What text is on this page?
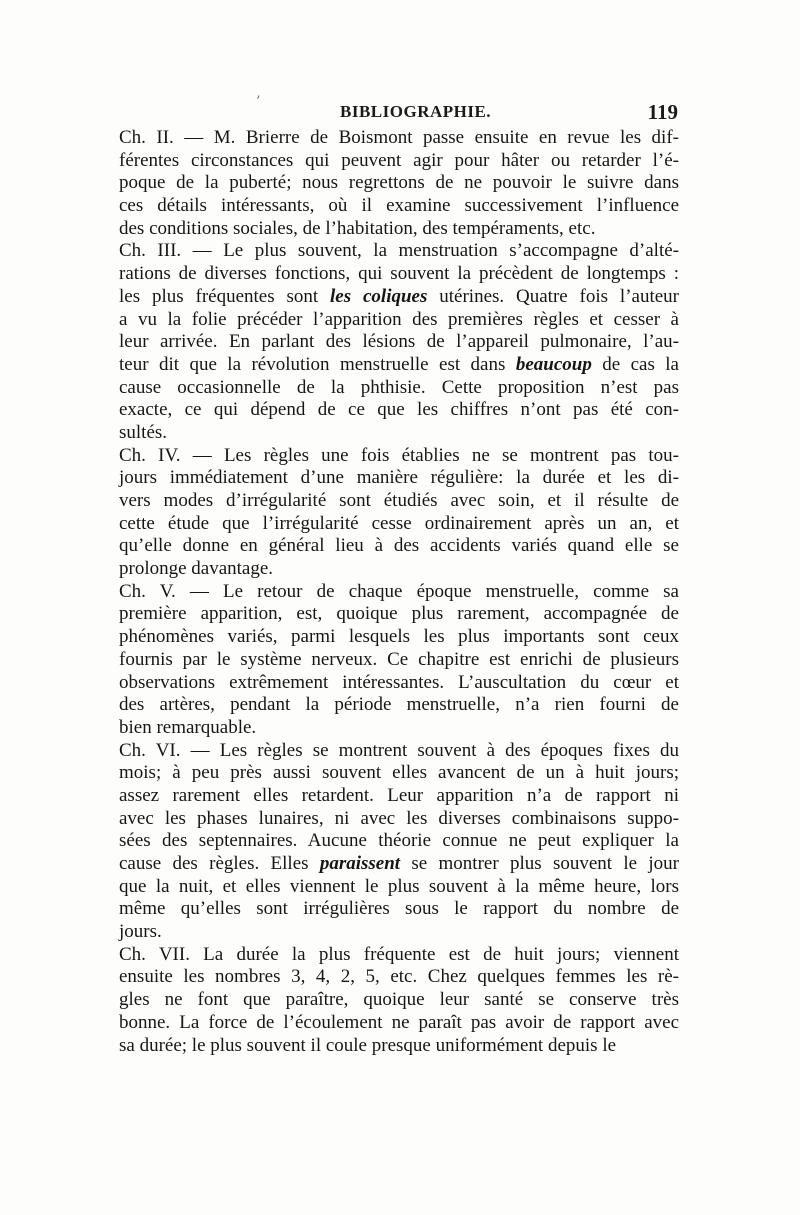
’	BIBLIOGRAPHIE.	119
Ch. II. — M. Brierre de Boismont passe ensuite en revue les dif-
férentes circonstances qui peuvent agir pour hâter ou retarder l’é-
poque de la puberté; nous regrettons de ne pouvoir le suivre dans
ces détails intéressants, où il examine successivement l’influence
des conditions sociales, de l’habitation, des tempéraments, etc.
Ch. III. — Le plus souvent, la menstruation s’accompagne d’alté-
rations de diverses fonctions, qui souvent la précèdent de longtemps :
les plus fréquentes sont les coliques utérines. Quatre fois l’auteur
a vu la folie précéder l’apparition des premières règles et cesser à
leur arrivée. En parlant des lésions de l’appareil pulmonaire, l’au-
teur dit que la révolution menstruelle est dans beaucoup de cas la
cause occasionnelle de la phthisie. Cette proposition n’est pas
exacte, ce qui dépend de ce que les chiffres n’ont pas été con-
sultés.
Ch. IV. — Les règles une fois établies ne se montrent pas tou-
jours immédiatement d’une manière régulière: la durée et les di-
vers modes d’irrégularité sont étudiés avec soin, et il résulte de
cette étude que l’irrégularité cesse ordinairement après un an, et
qu’elle donne en général lieu à des accidents variés quand elle se
prolonge davantage.
Ch. V. — Le retour de chaque époque menstruelle, comme sa
première apparition, est, quoique plus rarement, accompagnée de
phénomènes variés, parmi lesquels les plus importants sont ceux
fournis par le système nerveux. Ce chapitre est enrichi de plusieurs
observations extrêmement intéressantes. L’auscultation du cœur et
des artères, pendant la période menstruelle, n’a rien fourni de
bien remarquable.
Ch. VI. — Les règles se montrent souvent à des époques fixes du
mois; à peu près aussi souvent elles avancent de un à huit jours;
assez rarement elles retardent. Leur apparition n’a de rapport ni
avec les phases lunaires, ni avec les diverses combinaisons suppo-
sées des septennaires. Aucune théorie connue ne peut expliquer la
cause des règles. Elles paraissent se montrer plus souvent le jour
que la nuit, et elles viennent le plus souvent à la même heure, lors
même qu’elles sont irrégulières sous le rapport du nombre de
jours.
Ch. VII. La durée la plus fréquente est de huit jours; viennent
ensuite les nombres 3, 4, 2, 5, etc. Chez quelques femmes les rè-
gles ne font que paraître, quoique leur santé se conserve très
bonne. La force de l’écoulement ne paraît pas avoir de rapport avec
sa durée; le plus souvent il coule presque uniformément depuis le
